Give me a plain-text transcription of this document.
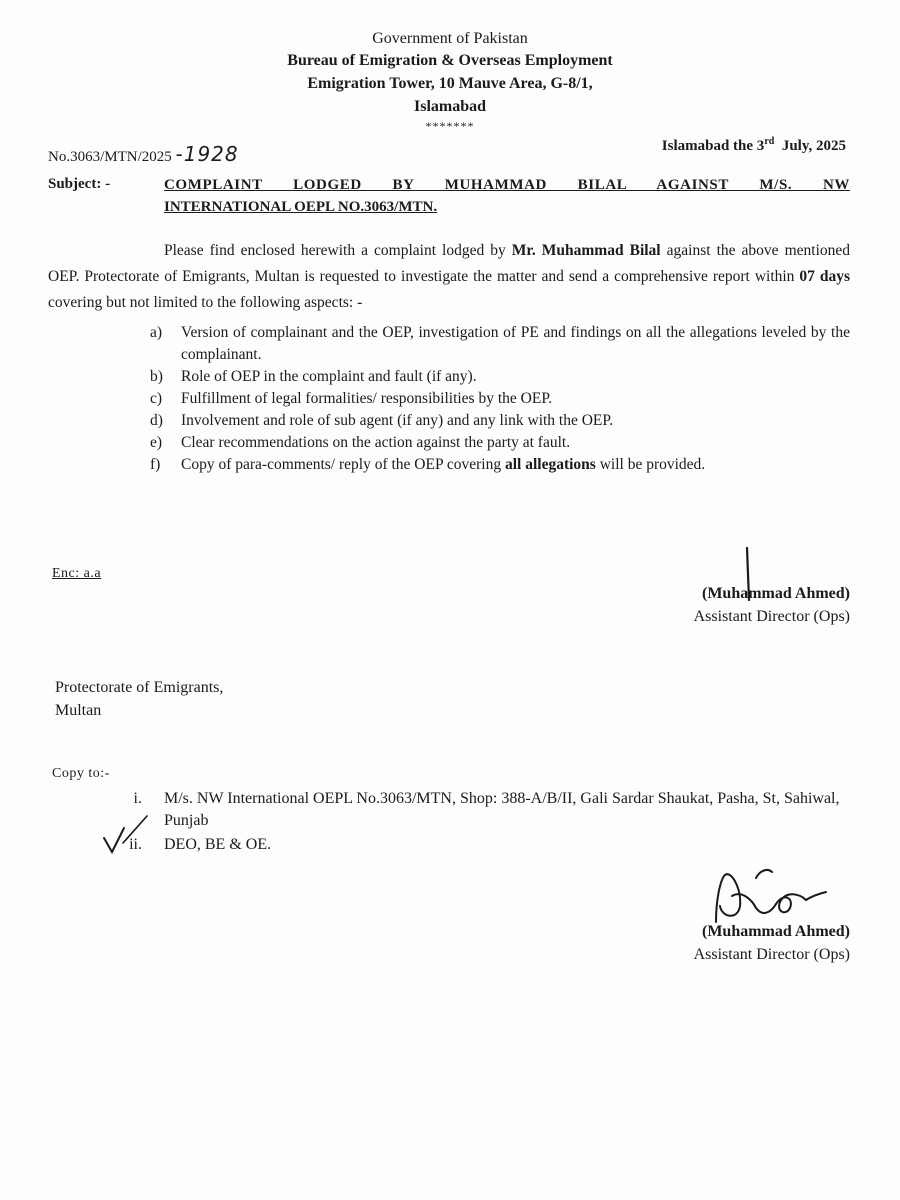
Government of Pakistan
Bureau of Emigration & Overseas Employment
Emigration Tower, 10 Mauve Area, G-8/1,
Islamabad
*******
No.3063/MTN/2025 -1928	Islamabad the 3rd July, 2025
Subject: -	COMPLAINT LODGED BY MUHAMMAD BILAL AGAINST M/S. NW
INTERNATIONAL OEPL NO.3063/MTN.
Please find enclosed herewith a complaint lodged by Mr. Muhammad Bilal against the above mentioned OEP. Protectorate of Emigrants, Multan is requested to investigate the matter and send a comprehensive report within 07 days covering but not limited to the following aspects: -
a)	Version of complainant and the OEP, investigation of PE and findings on all the allegations leveled by the complainant.
b)	Role of OEP in the complaint and fault (if any).
c)	Fulfillment of legal formalities/ responsibilities by the OEP.
d)	Involvement and role of sub agent (if any) and any link with the OEP.
e)	Clear recommendations on the action against the party at fault.
f)	Copy of para-comments/ reply of the OEP covering all allegations will be provided.
Enc: a.a
(Muhammad Ahmed)
Assistant Director (Ops)
Protectorate of Emigrants,
Multan
Copy to:-
i.	M/s. NW International OEPL No.3063/MTN, Shop: 388-A/B/II, Gali Sardar Shaukat, Pasha, St, Sahiwal, Punjab
ii.	DEO, BE & OE.
(Muhammad Ahmed)
Assistant Director (Ops)
